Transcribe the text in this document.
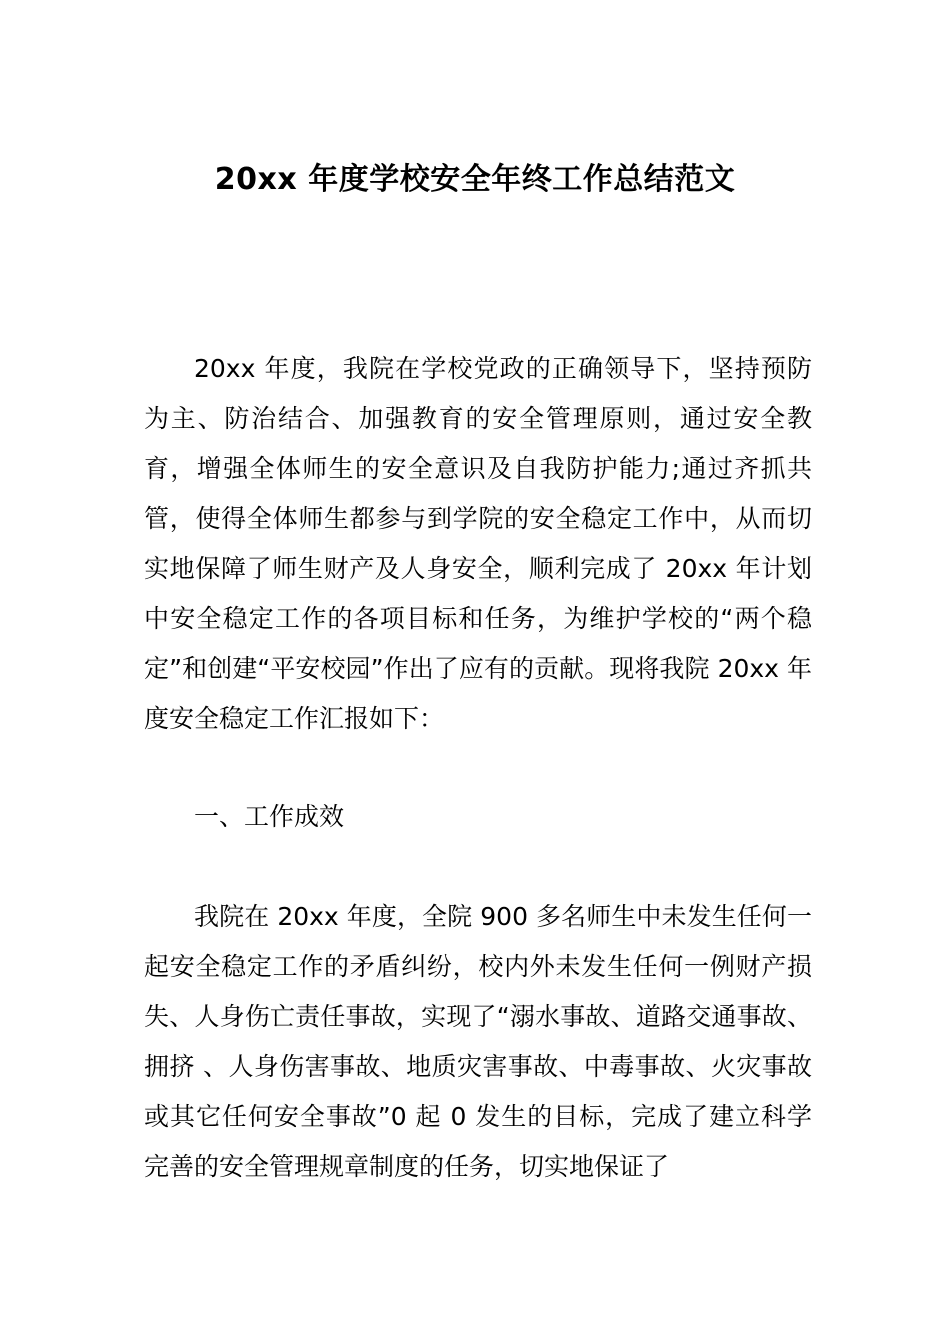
20xx 年度学校安全年终工作总结范文

20xx 年度，我院在学校党政的正确领导下，坚持预防为主、防治结合、加强教育的安全管理原则，通过安全教育，增强全体师生的安全意识及自我防护能力;通过齐抓共管，使得全体师生都参与到学院的安全稳定工作中，从而切实地保障了师生财产及人身安全，顺利完成了 20xx 年计划中安全稳定工作的各项目标和任务，为维护学校的“两个稳定”和创建“平安校园”作出了应有的贡献。现将我院 20xx 年度安全稳定工作汇报如下：

一、工作成效

我院在 20xx 年度，全院 900 多名师生中未发生任何一起安全稳定工作的矛盾纠纷，校内外未发生任何一例财产损失、人身伤亡责任事故，实现了“溺水事故、道路交通事故、拥挤 、人身伤害事故、地质灾害事故、中毒事故、火灾事故或其它任何安全事故”0 起 0 发生的目标，完成了建立科学完善的安全管理规章制度的任务，切实地保证了
